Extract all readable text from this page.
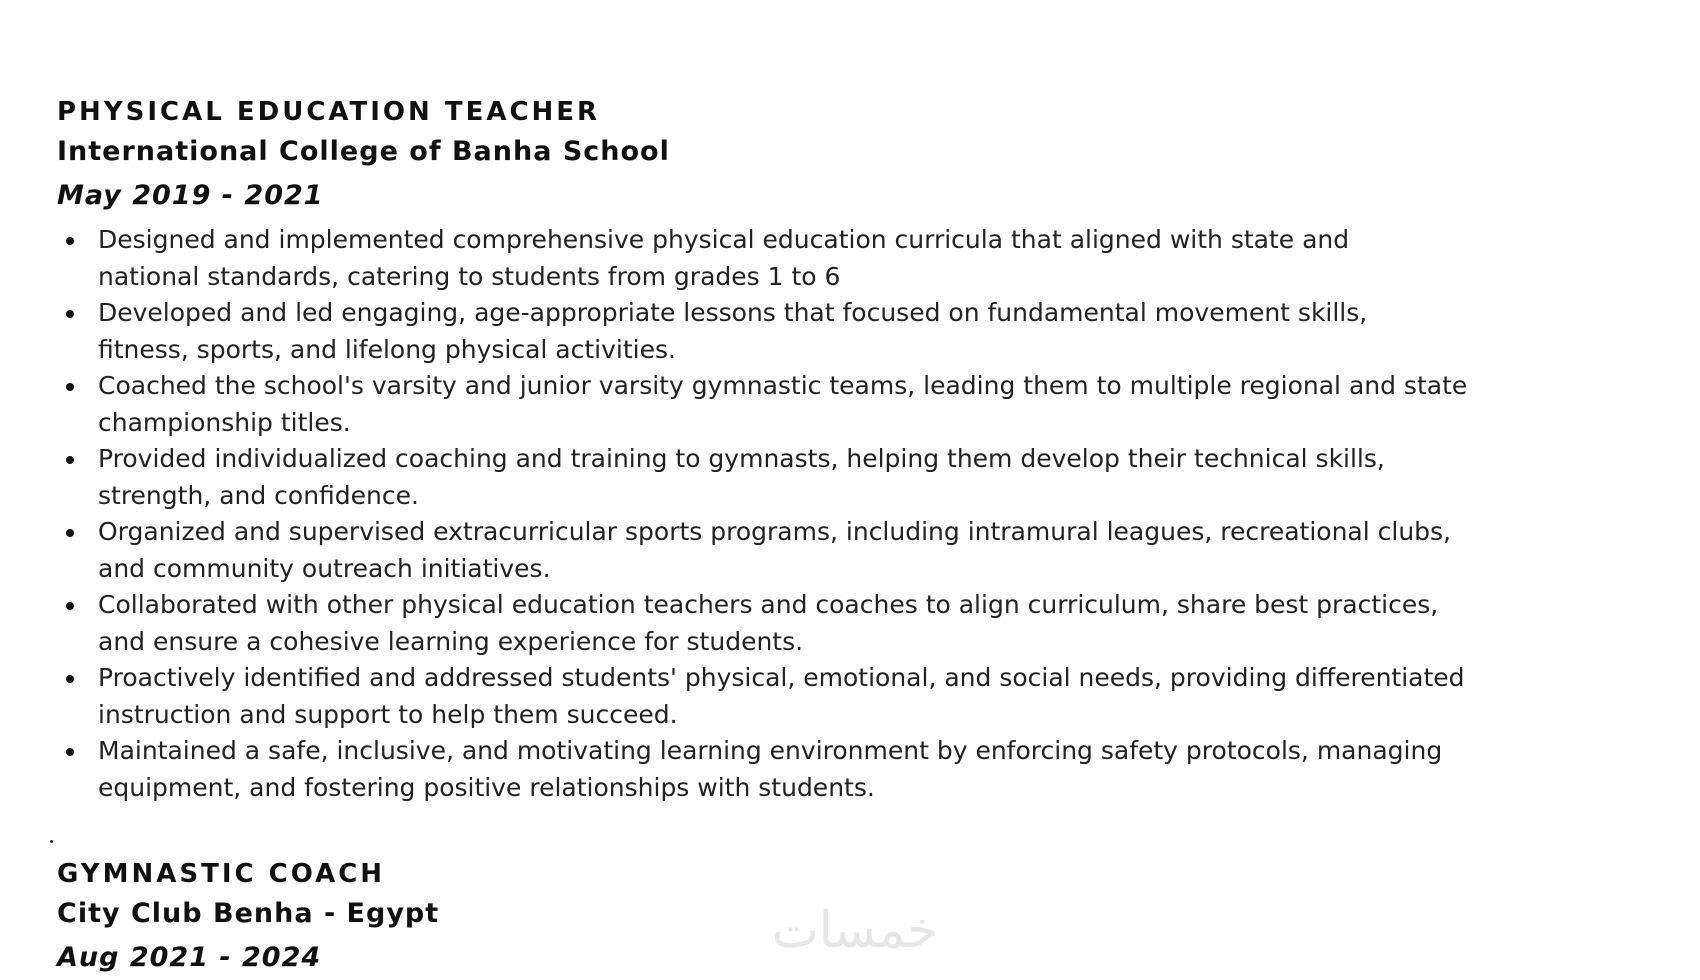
PHYSICAL EDUCATION TEACHER
International College of Banha School
May 2019 - 2021
Designed and implemented comprehensive physical education curricula that aligned with state and
national standards, catering to students from grades 1 to 6
Developed and led engaging, age-appropriate lessons that focused on fundamental movement skills,
fitness, sports, and lifelong physical activities.
Coached the school's varsity and junior varsity gymnastic teams, leading them to multiple regional and state
championship titles.
Provided individualized coaching and training to gymnasts, helping them develop their technical skills,
strength, and confidence.
Organized and supervised extracurricular sports programs, including intramural leagues, recreational clubs,
and community outreach initiatives.
Collaborated with other physical education teachers and coaches to align curriculum, share best practices,
and ensure a cohesive learning experience for students.
Proactively identified and addressed students' physical, emotional, and social needs, providing differentiated
instruction and support to help them succeed.
Maintained a safe, inclusive, and motivating learning environment by enforcing safety protocols, managing
equipment, and fostering positive relationships with students.
GYMNASTIC COACH
City Club Benha - Egypt
Aug 2021 - 2024	خمسات
